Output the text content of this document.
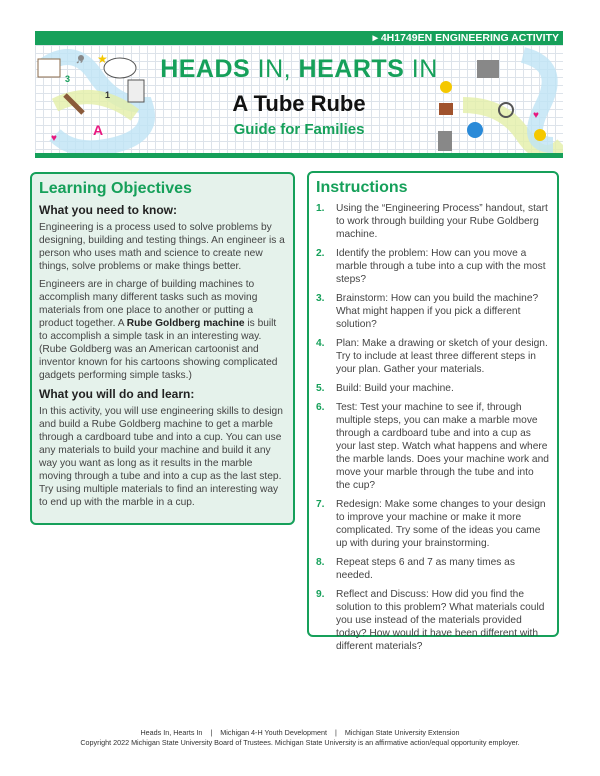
▸ 4H1749EN ENGINEERING ACTIVITY
♫ ★
3
1
A
♥
HEADS IN, HEARTS IN
A Tube Rube
Guide for Families
♥
Learning Objectives
What you need to know:

Engineering is a process used to solve problems by designing, building and testing things. An engineer is a person who uses math and science to create new things, solve problems or make things better.

Engineers are in charge of building machines to accomplish many different tasks such as moving materials from one place to another or putting a product together. A Rube Goldberg machine is built to accomplish a simple task in an interesting way. (Rube Goldberg was an American cartoonist and inventor known for his cartoons showing complicated gadgets performing simple tasks.)

What you will do and learn:

In this activity, you will use engineering skills to design and build a Rube Goldberg machine to get a marble through a cardboard tube and into a cup. You can use any materials to build your machine and build it any way you want as long as it results in the marble moving through a tube and into a cup as the last step. Try using multiple materials to find an interesting way to end up with the marble in a cup.

Instructions
1.	Using the “Engineering Process” handout, start to work through building your Rube Goldberg machine.
2.	Identify the problem: How can you move a marble through a tube into a cup with the most steps?
3.	Brainstorm: How can you build the machine? What might happen if you pick a different solution?
4.	Plan: Make a drawing or sketch of your design. Try to include at least three different steps in your plan. Gather your materials.
5.	Build: Build your machine.
6.	Test: Test your machine to see if, through multiple steps, you can make a marble move through a cardboard tube and into a cup as your last step. Watch what happens and where the marble lands. Does your machine work and move your marble through the tube and into the cup?
7.	Redesign: Make some changes to your design to improve your machine or make it more complicated. Try some of the ideas you came up with during your brainstorming.
8.	Repeat steps 6 and 7 as many times as needed.
9.	Reflect and Discuss: How did you find the solution to this problem? What materials could you use instead of the materials provided today? How would it have been different with different materials?
Heads In, Hearts In | Michigan 4-H Youth Development | Michigan State University Extension
Copyright 2022 Michigan State University Board of Trustees. Michigan State University is an affirmative action/equal opportunity employer.
